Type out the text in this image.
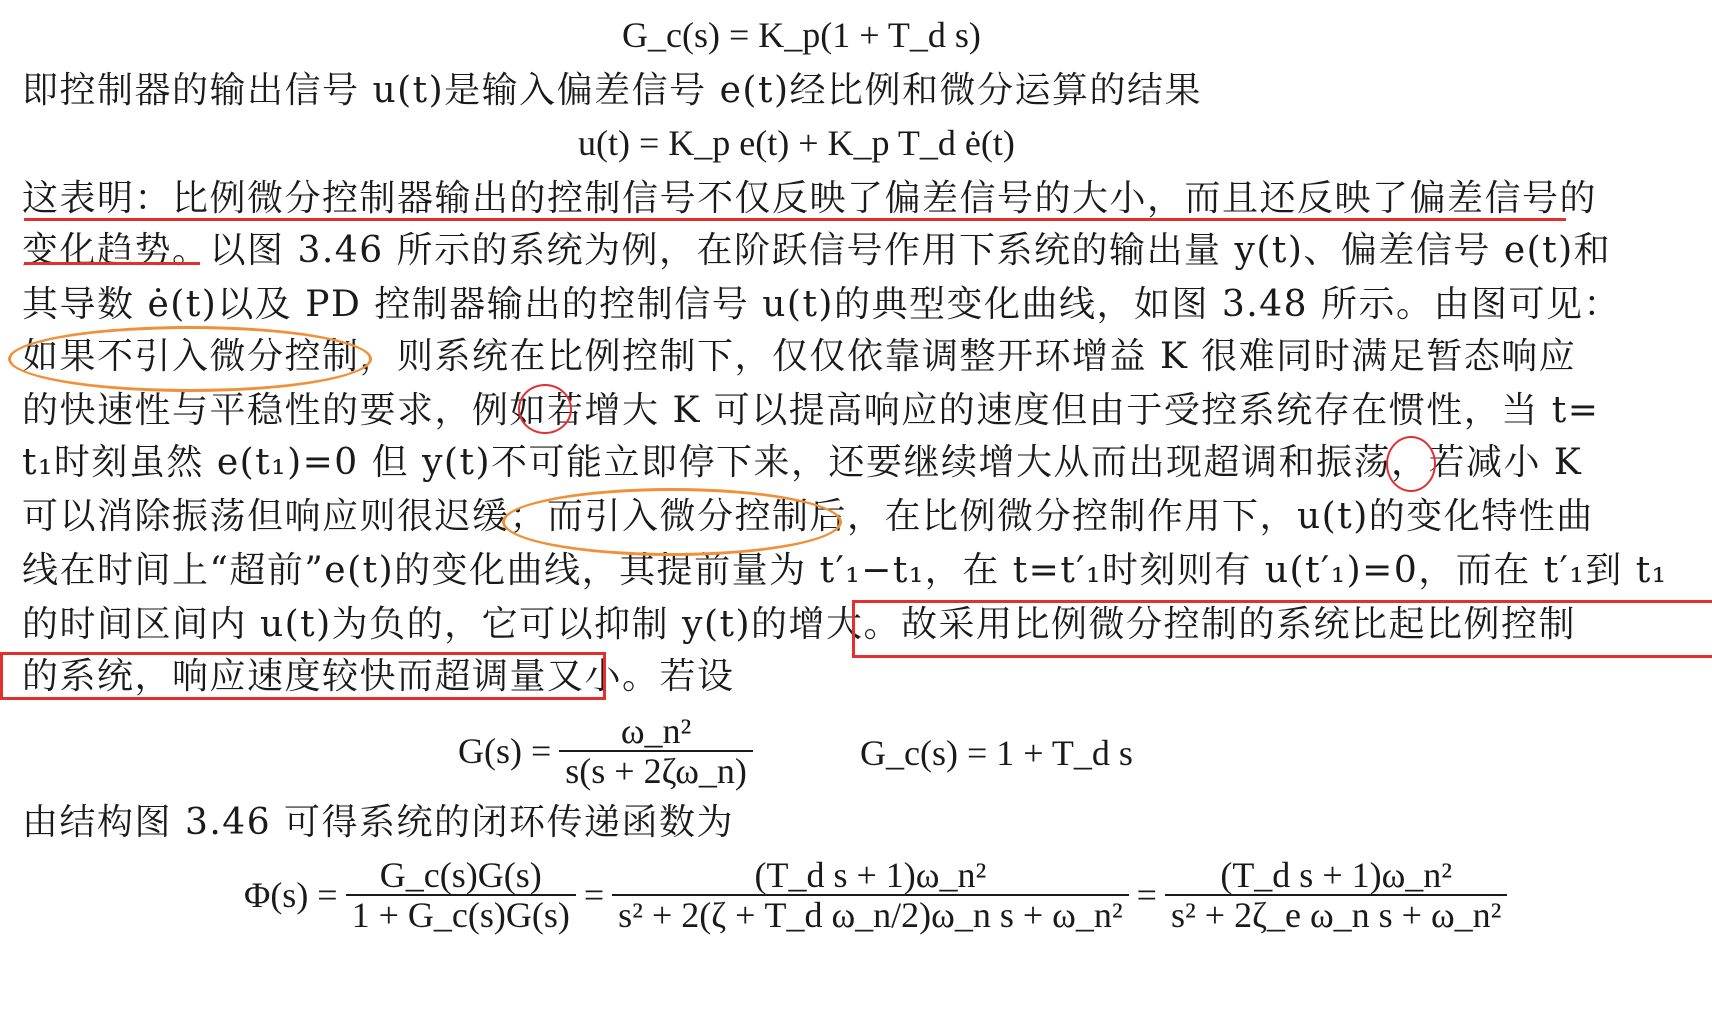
G_c(s) = K_p(1 + T_d s)
即控制器的输出信号 u(t)是输入偏差信号 e(t)经比例和微分运算的结果
u(t) = K_p e(t) + K_p T_d ė(t)
这表明：比例微分控制器输出的控制信号不仅反映了偏差信号的大小，而且还反映了偏差信号的
变化趋势。以图 3.46 所示的系统为例，在阶跃信号作用下系统的输出量 y(t)、偏差信号 e(t)和
其导数 ė(t)以及 PD 控制器输出的控制信号 u(t)的典型变化曲线，如图 3.48 所示。由图可见：
如果不引入微分控制，则系统在比例控制下，仅仅依靠调整开环增益 K 很难同时满足暂态响应
的快速性与平稳性的要求，例如若增大 K 可以提高响应的速度但由于受控系统存在惯性，当 t=
t₁时刻虽然 e(t₁)=0 但 y(t)不可能立即停下来，还要继续增大从而出现超调和振荡，若减小 K
可以消除振荡但响应则很迟缓；而引入微分控制后，在比例微分控制作用下，u(t)的变化特性曲
线在时间上“超前”e(t)的变化曲线，其提前量为 t′₁−t₁，在 t=t′₁时刻则有 u(t′₁)=0，而在 t′₁到 t₁
的时间区间内 u(t)为负的，它可以抑制 y(t)的增大。故采用比例微分控制的系统比起比例控制
的系统，响应速度较快而超调量又小。若设
$G(s) = \frac{\text{ω\_n²}}{s(s + 2\zeta\omega\_n)}$	G_c(s) = 1 + T_d s
由结构图 3.46 可得系统的闭环传递函数为
$\Phi(s) = \frac{G\_c(s)G(s)}{1 + G\_c(s)G(s)} = \frac{\text{(T\_d s + 1)ω\_n²}}{\text{s² + 2(ζ + T\_d ω\_n/2)ω\_n s + ω\_n²}} = \frac{\text{(T\_d s + 1)ω\_n²}}{\text{s² + 2ζ\_e ω\_n s + ω\_n²}}$
